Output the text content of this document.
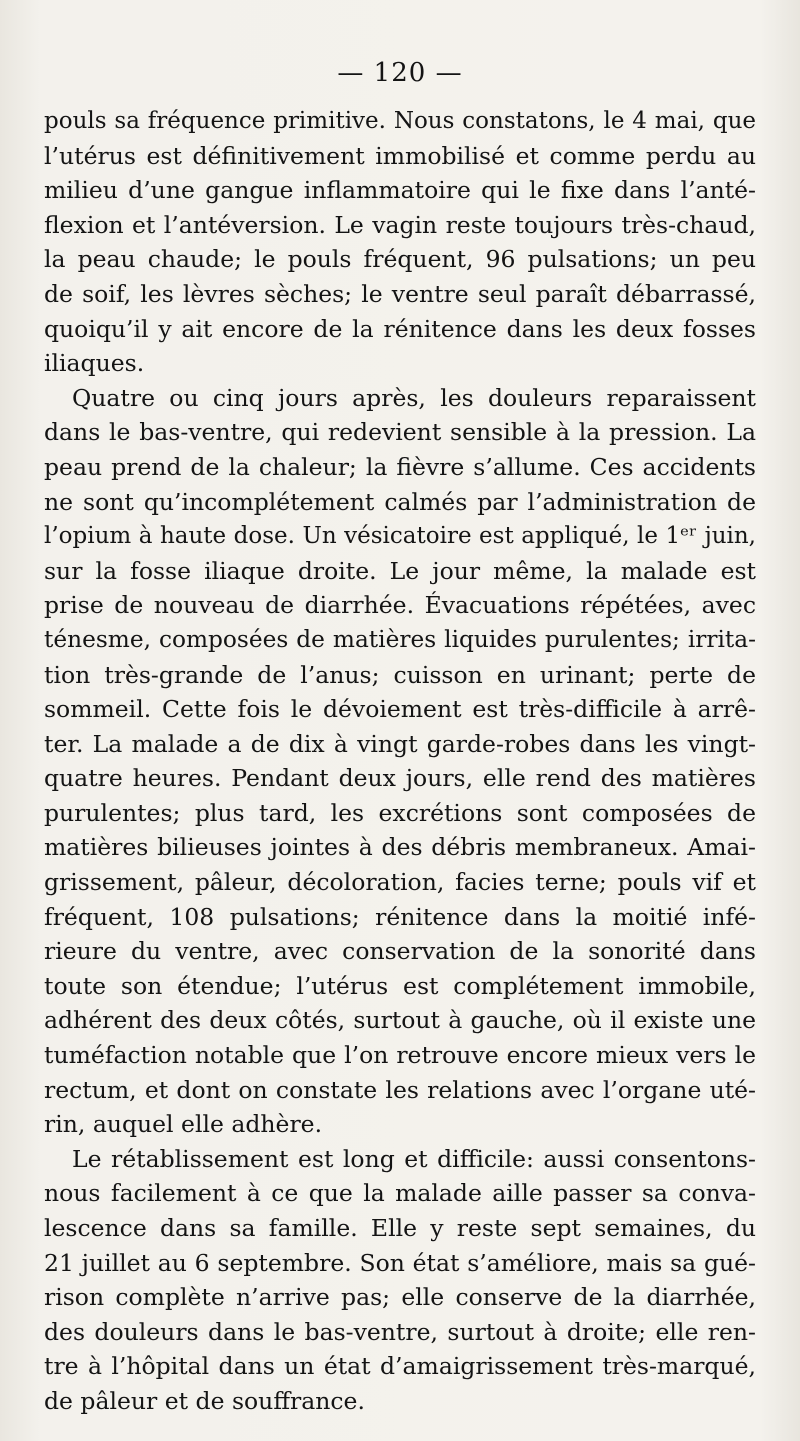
— 120 —
pouls sa fréquence primitive. Nous constatons, le 4 mai, que
l’utérus est définitivement immobilisé et comme perdu au
milieu d’une gangue inflammatoire qui le fixe dans l’anté-
flexion et l’antéversion. Le vagin reste toujours très-chaud,
la peau chaude; le pouls fréquent, 96 pulsations; un peu
de soif, les lèvres sèches; le ventre seul paraît débarrassé,
quoiqu’il y ait encore de la rénitence dans les deux fosses
iliaques.
Quatre ou cinq jours après, les douleurs reparaissent
dans le bas-ventre, qui redevient sensible à la pression. La
peau prend de la chaleur; la fièvre s’allume. Ces accidents
ne sont qu’incomplétement calmés par l’administration de
l’opium à haute dose. Un vésicatoire est appliqué, le 1ᵉʳ juin,
sur la fosse iliaque droite. Le jour même, la malade est
prise de nouveau de diarrhée. Évacuations répétées, avec
ténesme, composées de matières liquides purulentes; irrita-
tion très-grande de l’anus; cuisson en urinant; perte de
sommeil. Cette fois le dévoiement est très-difficile à arrê-
ter. La malade a de dix à vingt garde-robes dans les vingt-
quatre heures. Pendant deux jours, elle rend des matières
purulentes; plus tard, les excrétions sont composées de
matières bilieuses jointes à des débris membraneux. Amai-
grissement, pâleur, décoloration, facies terne; pouls vif et
fréquent, 108 pulsations; rénitence dans la moitié infé-
rieure du ventre, avec conservation de la sonorité dans
toute son étendue; l’utérus est complétement immobile,
adhérent des deux côtés, surtout à gauche, où il existe une
tuméfaction notable que l’on retrouve encore mieux vers le
rectum, et dont on constate les relations avec l’organe uté-
rin, auquel elle adhère.
Le rétablissement est long et difficile: aussi consentons-
nous facilement à ce que la malade aille passer sa conva-
lescence dans sa famille. Elle y reste sept semaines, du
21 juillet au 6 septembre. Son état s’améliore, mais sa gué-
rison complète n’arrive pas; elle conserve de la diarrhée,
des douleurs dans le bas-ventre, surtout à droite; elle ren-
tre à l’hôpital dans un état d’amaigrissement très-marqué,
de pâleur et de souffrance.
